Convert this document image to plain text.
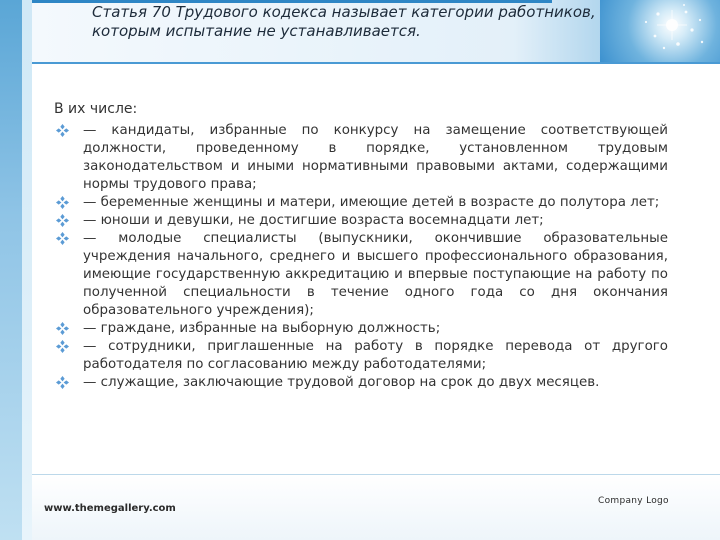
Статья 70 Трудового кодекса называет категории работников, которым испытание не устанавливается.
В их числе:
— кандидаты, избранные по конкурсу на замещение соответствующей должности, проведенному в порядке, установленном трудовым законодательством и иными нормативными правовыми актами, содержащими нормы трудового права;
— беременные женщины и матери, имеющие детей в возрасте до полутора лет;
— юноши и девушки, не достигшие возраста восемнадцати лет;
— молодые специалисты (выпускники, окончившие образовательные учреждения начального, среднего и высшего профессионального образования, имеющие государственную аккредитацию и впервые поступающие на работу по полученной специальности в течение одного года со дня окончания образовательного учреждения);
— граждане, избранные на выборную должность;
— сотрудники, приглашенные на работу в порядке перевода от другого работодателя по согласованию между работодателями;
— служащие, заключающие трудовой договор на срок до двух месяцев.
www.themegallery.com
Company Logo
